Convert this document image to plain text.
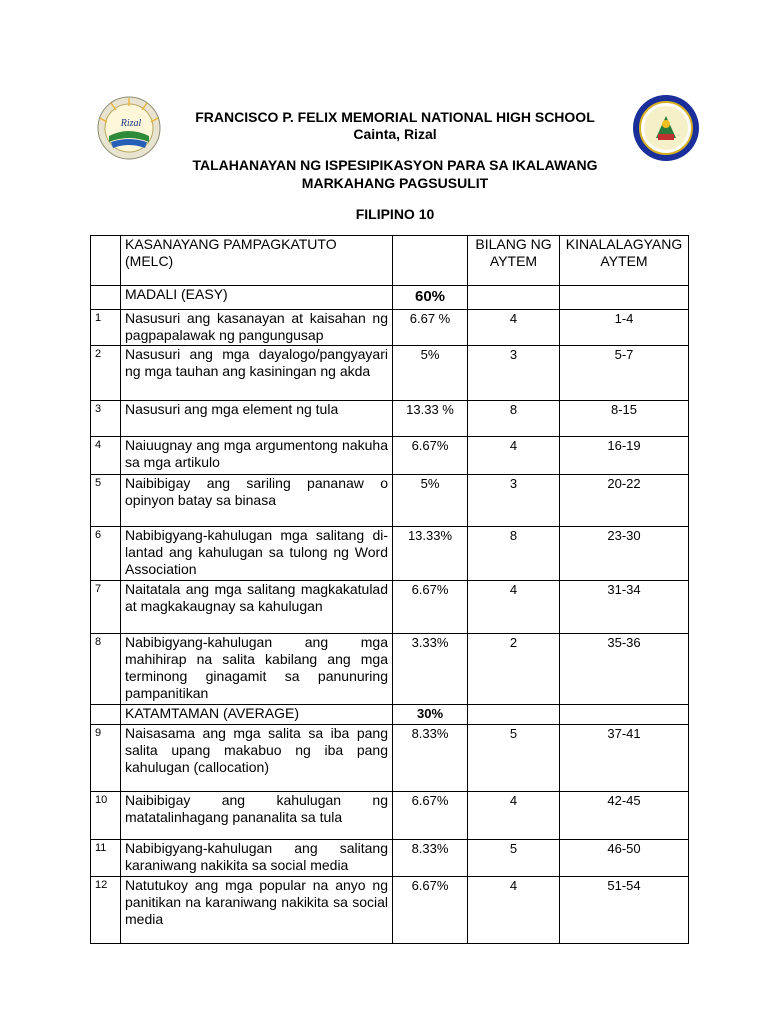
Rizal	FRANCISCO P. FELIX MEMORIAL NATIONAL HIGH SCHOOL
Cainta, Rizal
TALAHANAYAN NG ISPESIPIKASYON PARA SA IKALAWANG
MARKAHANG PAGSUSULIT
FILIPINO 10
	KASANAYANG PAMPAGKATUTO (MELC)		BILANG NG AYTEM	KINALALAGYANG AYTEM
	MADALI (EASY)	60%		
1	Nasusuri ang kasanayan at kaisahan ng pagpapalawak ng pangungusap	6.67 %	4	1-4
2	Nasusuri ang mga dayalogo/pangyayari ng mga tauhan ang kasiningan ng akda	5%	3	5-7
3	Nasusuri ang mga element ng tula	13.33 %	8	8-15
4	Naiuugnay ang mga argumentong nakuha sa mga artikulo	6.67%	4	16-19
5	Naibibigay ang sariling pananaw o opinyon batay sa binasa	5%	3	20-22
6	Nabibigyang-kahulugan mga salitang di-lantad ang kahulugan sa tulong ng Word Association	13.33%	8	23-30
7	Naitatala ang mga salitang magkakatulad at magkakaugnay sa kahulugan	6.67%	4	31-34
8	Nabibigyang-kahulugan ang mga mahihirap na salita kabilang ang mga terminong ginagamit sa panunuring pampanitikan	3.33%	2	35-36
	KATAMTAMAN (AVERAGE)	30%		
9	Naisasama ang mga salita sa iba pang salita upang makabuo ng iba pang kahulugan (callocation)	8.33%	5	37-41
10	Naibibigay ang kahulugan ng matatalinhagang pananalita sa tula	6.67%	4	42-45
11	Nabibigyang-kahulugan ang salitang karaniwang nakikita sa social media	8.33%	5	46-50
12	Natutukoy ang mga popular na anyo ng panitikan na karaniwang nakikita sa social media	6.67%	4	51-54
